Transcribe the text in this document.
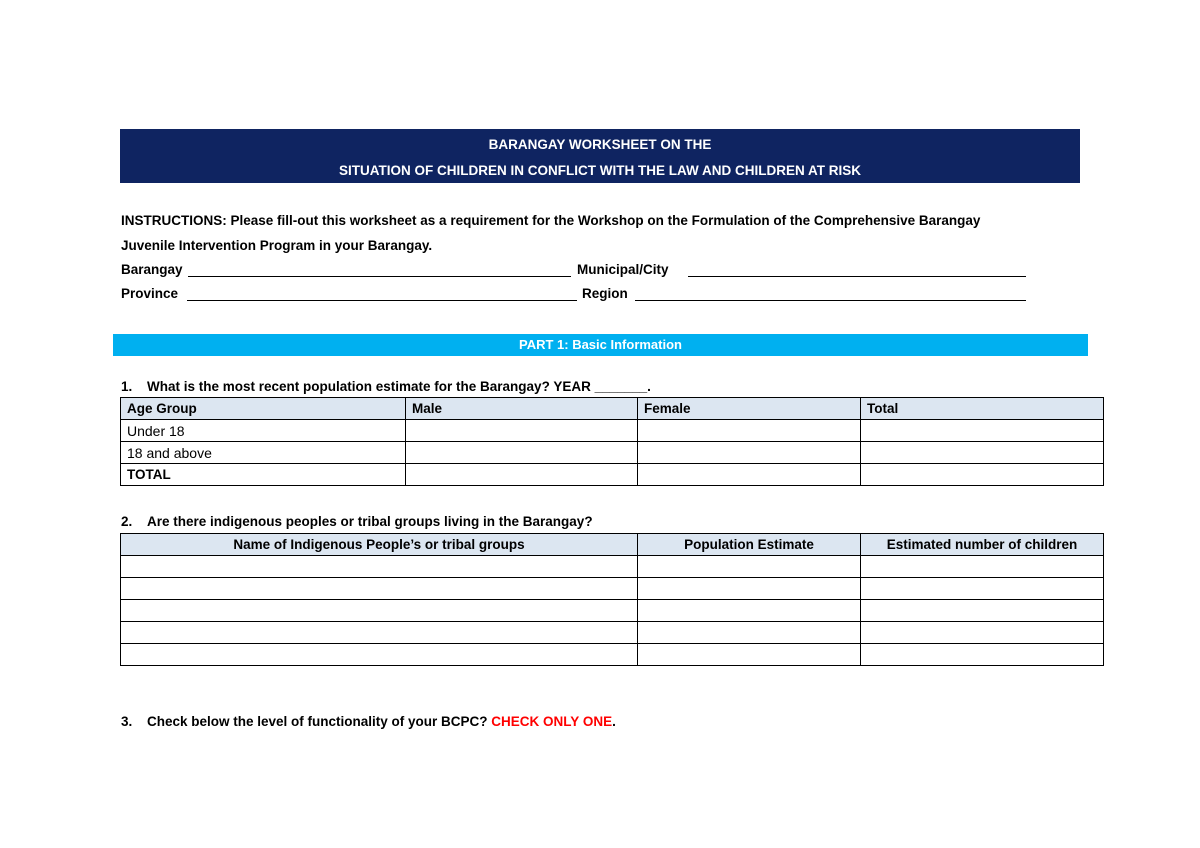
BARANGAY WORKSHEET ON THE
SITUATION OF CHILDREN IN CONFLICT WITH THE LAW AND CHILDREN AT RISK
INSTRUCTIONS: Please fill-out this worksheet as a requirement for the Workshop on the Formulation of the Comprehensive Barangay
Juvenile Intervention Program in your Barangay.
Barangay	Municipal/City
Province	Region
PART 1: Basic Information
1. What is the most recent population estimate for the Barangay? YEAR _______.
Age Group	Male	Female	Total
Under 18			
18 and above			
TOTAL			
2. Are there indigenous peoples or tribal groups living in the Barangay?
Name of Indigenous People’s or tribal groups	Population Estimate	Estimated number of children

3. Check below the level of functionality of your BCPC? CHECK ONLY ONE.
